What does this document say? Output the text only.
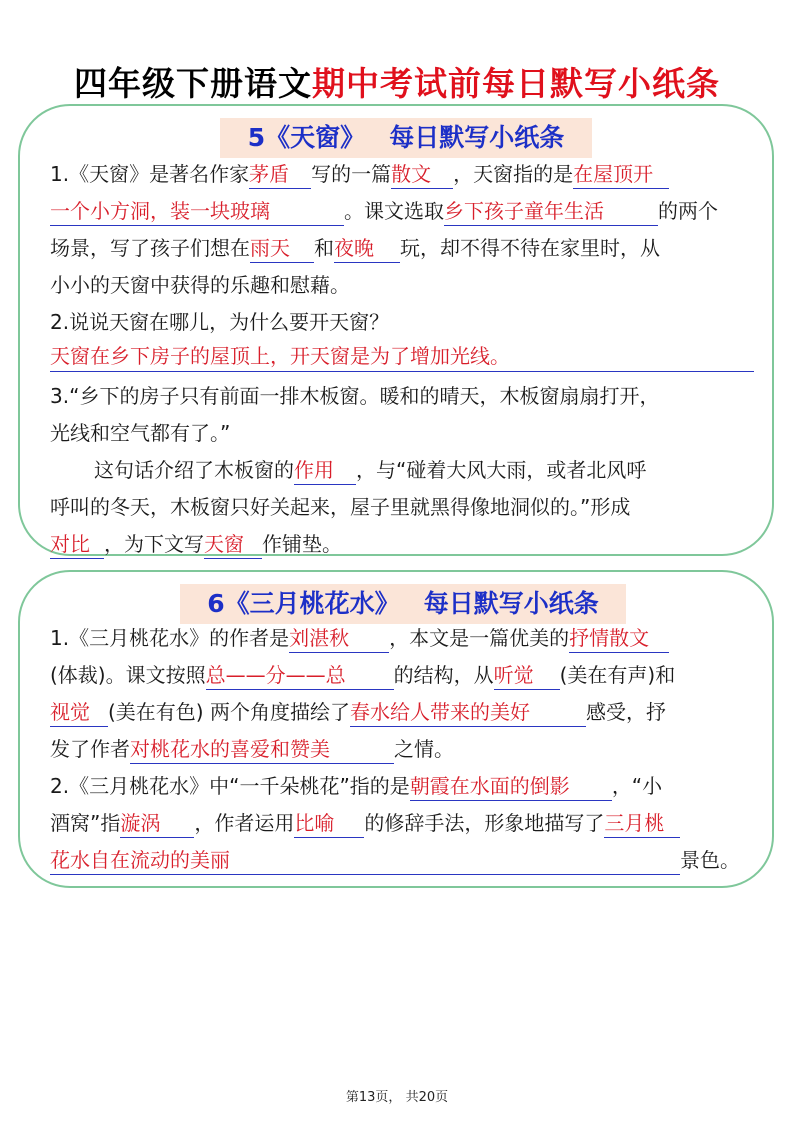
四年级下册语文期中考试前每日默写小纸条
5《天窗》 每日默写小纸条
1.《天窗》是著名作家茅盾 写的一篇散文 ，天窗指的是在屋顶开
一个小方洞，装一块玻璃	。课文选取乡下孩子童年生活	的两个
场景，写了孩子们想在雨天 和夜晚 玩，却不得不待在家里时，从
小小的天窗中获得的乐趣和慰藉。
2.说说天窗在哪儿，为什么要开天窗？
天窗在乡下房子的屋顶上，开天窗是为了增加光线。
3.“乡下的房子只有前面一排木板窗。暖和的晴天，木板窗扇扇打开，
光线和空气都有了。”
这句话介绍了木板窗的作用 ，与“碰着大风大雨，或者北风呼
呼叫的冬天，木板窗只好关起来，屋子里就黑得像地洞似的。”形成
对比 ，为下文写天窗 作铺垫。
6《三月桃花水》 每日默写小纸条
1.《三月桃花水》的作者是刘湛秋 ，本文是一篇优美的抒情散文
(体裁)。课文按照总——分——总 的结构，从听觉 (美在有声)和
视觉 (美在有色) 两个角度描绘了春水给人带来的美好	感受，抒
发了作者对桃花水的喜爱和赞美	之情。
2.《三月桃花水》中“一千朵桃花”指的是朝霞在水面的倒影 ，“小
酒窝”指漩涡 ，作者运用比喻 的修辞手法，形象地描写了三月桃
花水自在流动的美丽	景色。
第13页， 共20页
